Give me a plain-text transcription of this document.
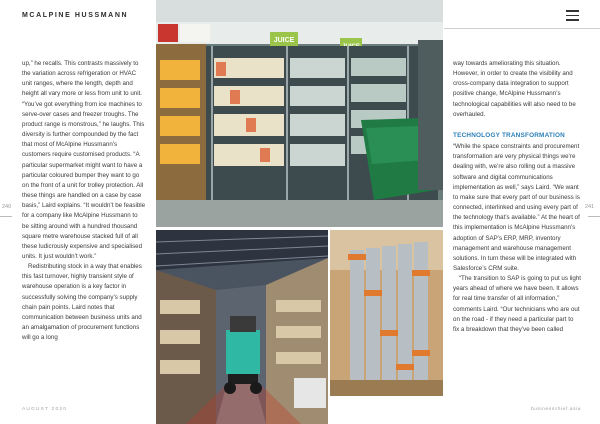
MCALPINE HUSSMANN

up,” he recalls. This contrasts massively to the variation across refrigeration or HVAC unit ranges, where the length, depth and height all vary more or less from unit to unit. “You’ve got everything from ice machines to serve-over cases and freezer troughs. The product range is monstrous,” he laughs. This diversity is further compounded by the fact that most of McAlpine Hussmann’s customers require customised products. “A particular supermarket might want to have a particular coloured bumper they want to go on the front of a unit for trolley protection. All these things are handled on a case by case basis,” Laird explains. “It wouldn’t be feasible for a company like McAlpine Hussmann to be sitting around with a hundred thousand square metre warehouse stacked full of all these ludicrously expensive and specialised units. It just wouldn’t work.”

Redistributing stock in a way that enables this fast turnover, highly transient style of warehouse operation is a key factor in successfully solving the company’s supply chain pain points. Laird notes that communication between business units and an amalgamation of procurement functions will go a long

way towards ameliorating this situation. However, in order to create the visibility and cross-company data integration to support positive change, McAlpine Hussmann’s technological capabilities will also need to be overhauled.

TECHNOLOGY TRANSFORMATION

“While the space constraints and procurement transformation are very physical things we’re dealing with, we’re also rolling out a massive software and digital communications implementation as well,” says Laird. “We want to make sure that every part of our business is connected, interlinked and using every part of the technology that’s available.” At the heart of this implementation is McAlpine Hussmann’s adoption of SAP’s ERP, MRP, inventory management and warehouse management solutions. In turn these will be integrated with Salesforce’s CRM suite.

“The transition to SAP is going to put us light years ahead of where we have been. It allows for real time transfer of all information,” comments Laird. “Our technicians who are out on the road - if they need a particular part to fix a breakdown that they’ve been called

240	241
AUGUST 2020	businesschief.asia
JUICE
